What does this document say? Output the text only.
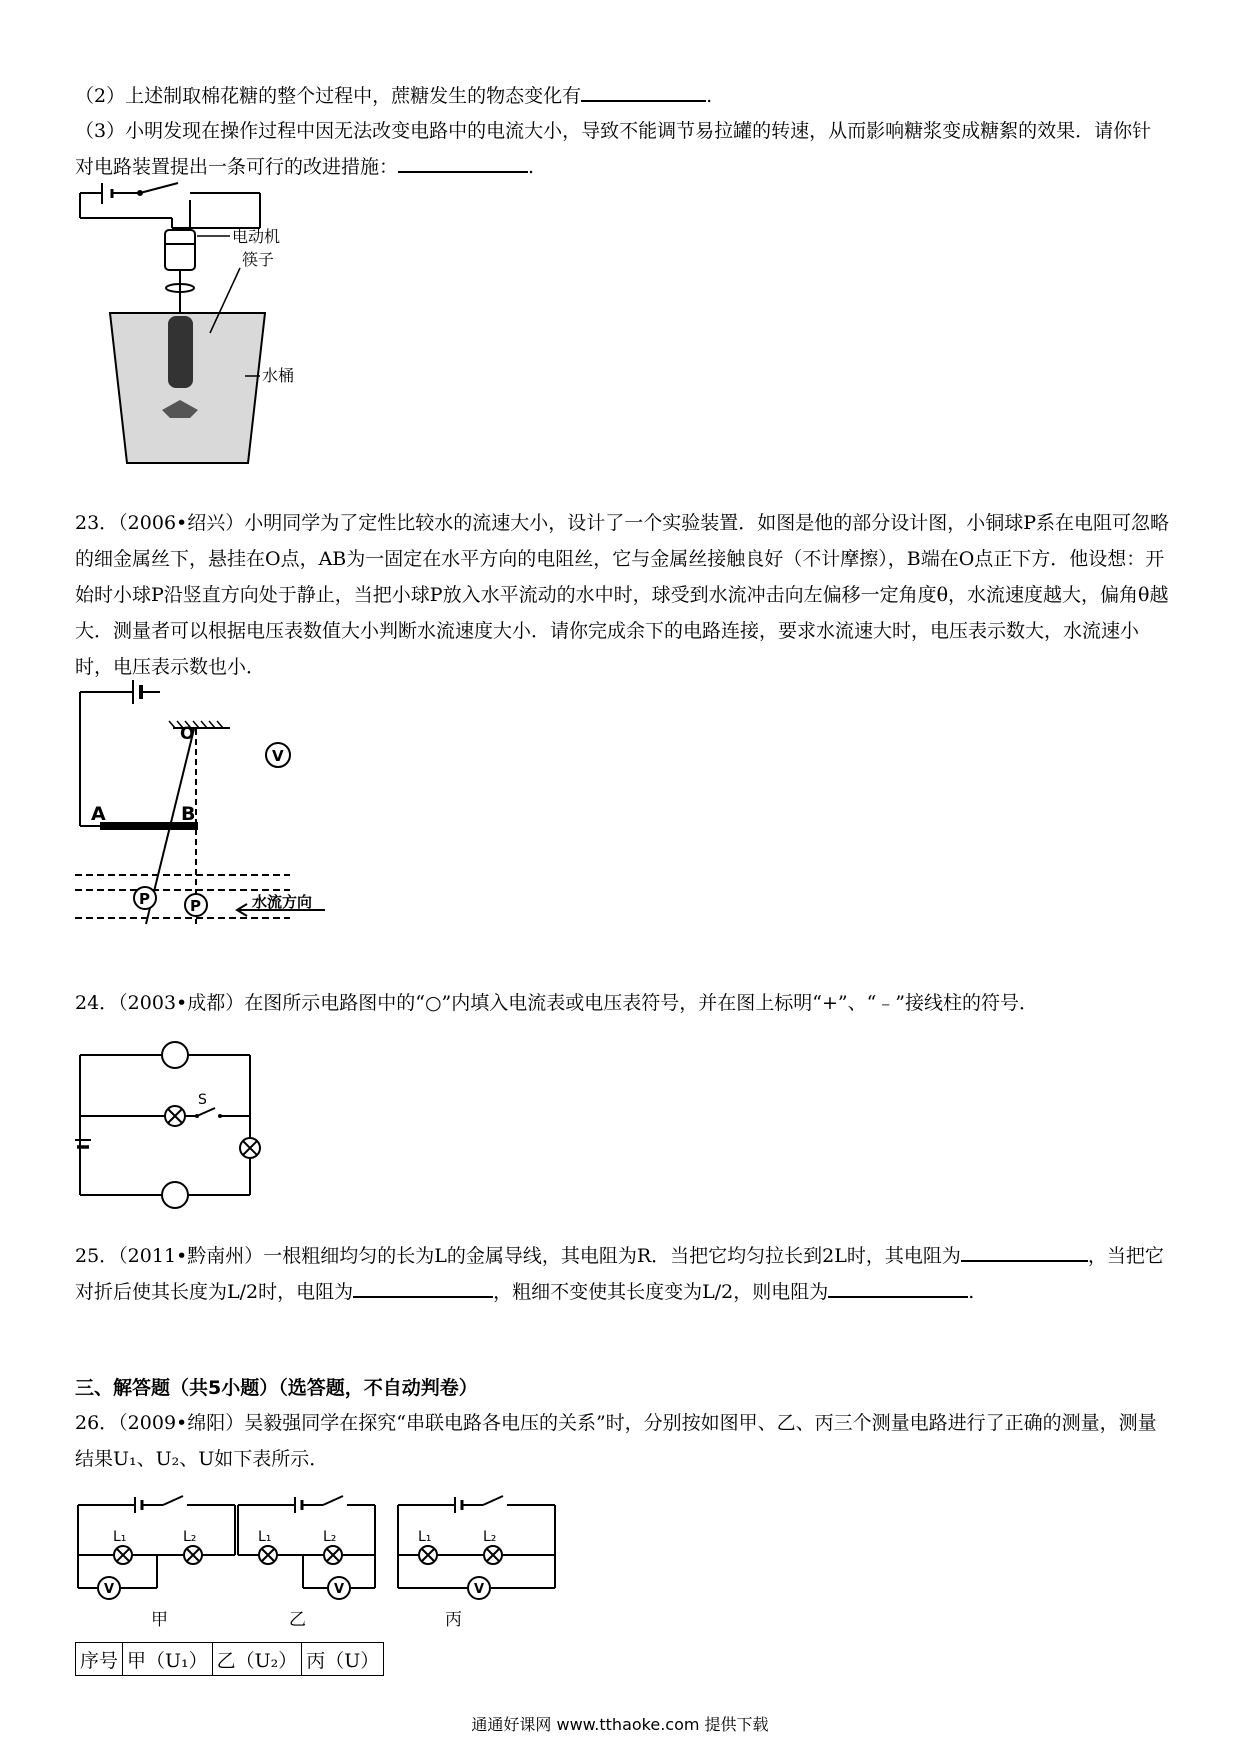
（2）上述制取棉花糖的整个过程中，蔗糖发生的物态变化有	.

（3）小明发现在操作过程中因无法改变电路中的电流大小，导致不能调节易拉罐的转速，从而影响糖浆变成糖絮的效果．请你针对电路装置提出一条可行的改进措施：	.

电动机
筷子
水桶

23．（2006•绍兴）小明同学为了定性比较水的流速大小，设计了一个实验装置．如图是他的部分设计图，小铜球P系在电阻可忽略的细金属丝下，悬挂在O点，AB为一固定在水平方向的电阻丝，它与金属丝接触良好（不计摩擦），B端在O点正下方．他设想：开始时小球P沿竖直方向处于静止，当把小球P放入水平流动的水中时，球受到水流冲击向左偏移一定角度θ，水流速度越大，偏角θ越大．测量者可以根据电压表数值大小判断水流速度大小．请你完成余下的电路连接，要求水流速大时，电压表示数大，水流速小时，电压表示数也小．

O
A	B
V
P	P	水流方向

24．（2003•成都）在图所示电路图中的“○”内填入电流表或电压表符号，并在图上标明“+”、“﹣”接线柱的符号．

S

25．（2011•黔南州）一根粗细均匀的长为L的金属导线，其电阻为R．当把它均匀拉长到2L时，其电阻为	，当把它对折后使其长度为L/2时，电阻为	，粗细不变使其长度变为L/2，则电阻为	.

三、解答题（共5小题）（选答题，不自动判卷）

26．（2009•绵阳）吴毅强同学在探究“串联电路各电压的关系”时，分别按如图甲、乙、丙三个测量电路进行了正确的测量，测量结果U₁、U₂、U如下表所示．

L₁	L₂
V
甲
L₁	L₂
V
乙
L₁	L₂
V
丙
序号	甲（U₁）	乙（U₂）	丙（U）
通通好课网 www.tthaoke.com 提供下载
